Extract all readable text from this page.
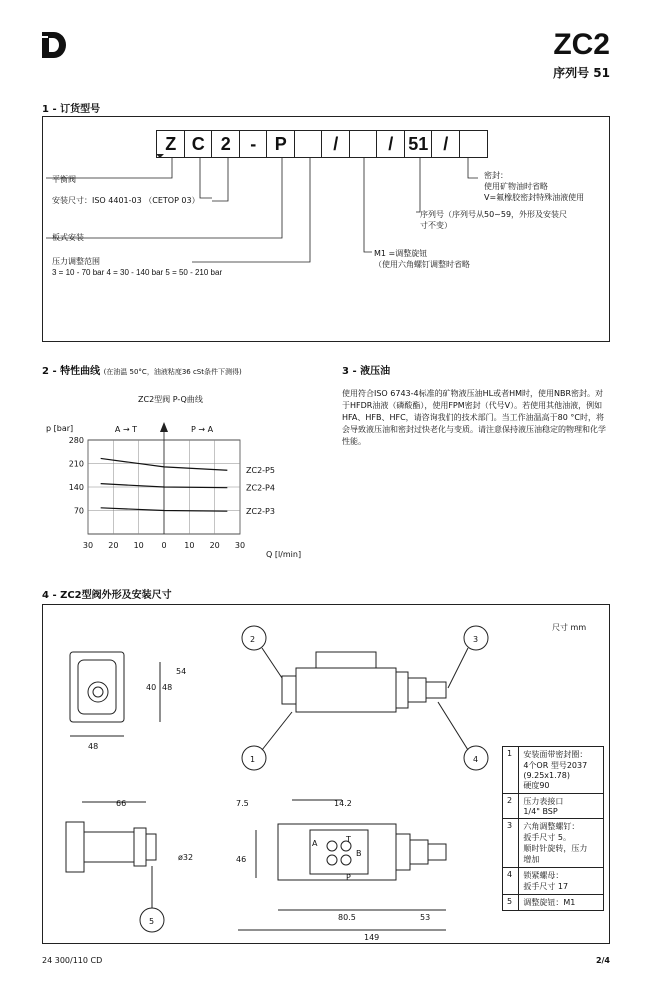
ZC2
序列号 51
1 - 订货型号
Z C 2	-	P	/	/ 51 /
平衡阀
安装尺寸：ISO 4401-03 （CETOP 03）
板式安装
压力调整范围
3 = 10 - 70 bar 4 = 30 - 140 bar 5 = 50 - 210 bar
密封：
使用矿物油时省略
V=氟橡胶密封特殊油液使用
序列号（序列号从50~59，外形及安装尺
寸不变）
M1 =调整旋钮
（使用六角螺钉调整时省略
2 - 特性曲线 (在油温 50°C，油液粘度36 cSt条件下测得)
ZC2型阀 P-Q曲线
p [bar]
Q [l/min]
280
210
140
70
30 20 10 0 10 20 30
A → T	P → A
ZC2-P5
ZC2-P4
ZC2-P3
3 - 液压油
使用符合ISO 6743-4标准的矿物液压油HL或者HM时，使用NBR密封。对于HFDR油液（磷酸酯），使用FPM密封（代号V）。若使用其他油液，例如HFA、HFB、HFC，请咨询我们的技术部门。当工作油温高于80 °C时，将会导致液压油和密封过快老化与变质。请注意保持液压油稳定的物理和化学性能。
4 - ZC2型阀外形及安装尺寸
尺寸 mm
40 48
54
48
66
ø32
7.5	14.2
46
80.5	53
149
2	3
1	4
5
A	T
B
P
1	安装面带密封圈：
4个OR 型号2037
(9.25x1.78)
硬度90
2	压力表接口
1/4" BSP
3	六角调整螺钉：
扳手尺寸 5。
顺时针旋转，压力
增加
4	锁紧螺母：
扳手尺寸 17
5	调整旋钮：M1
24 300/110 CD	2/4
